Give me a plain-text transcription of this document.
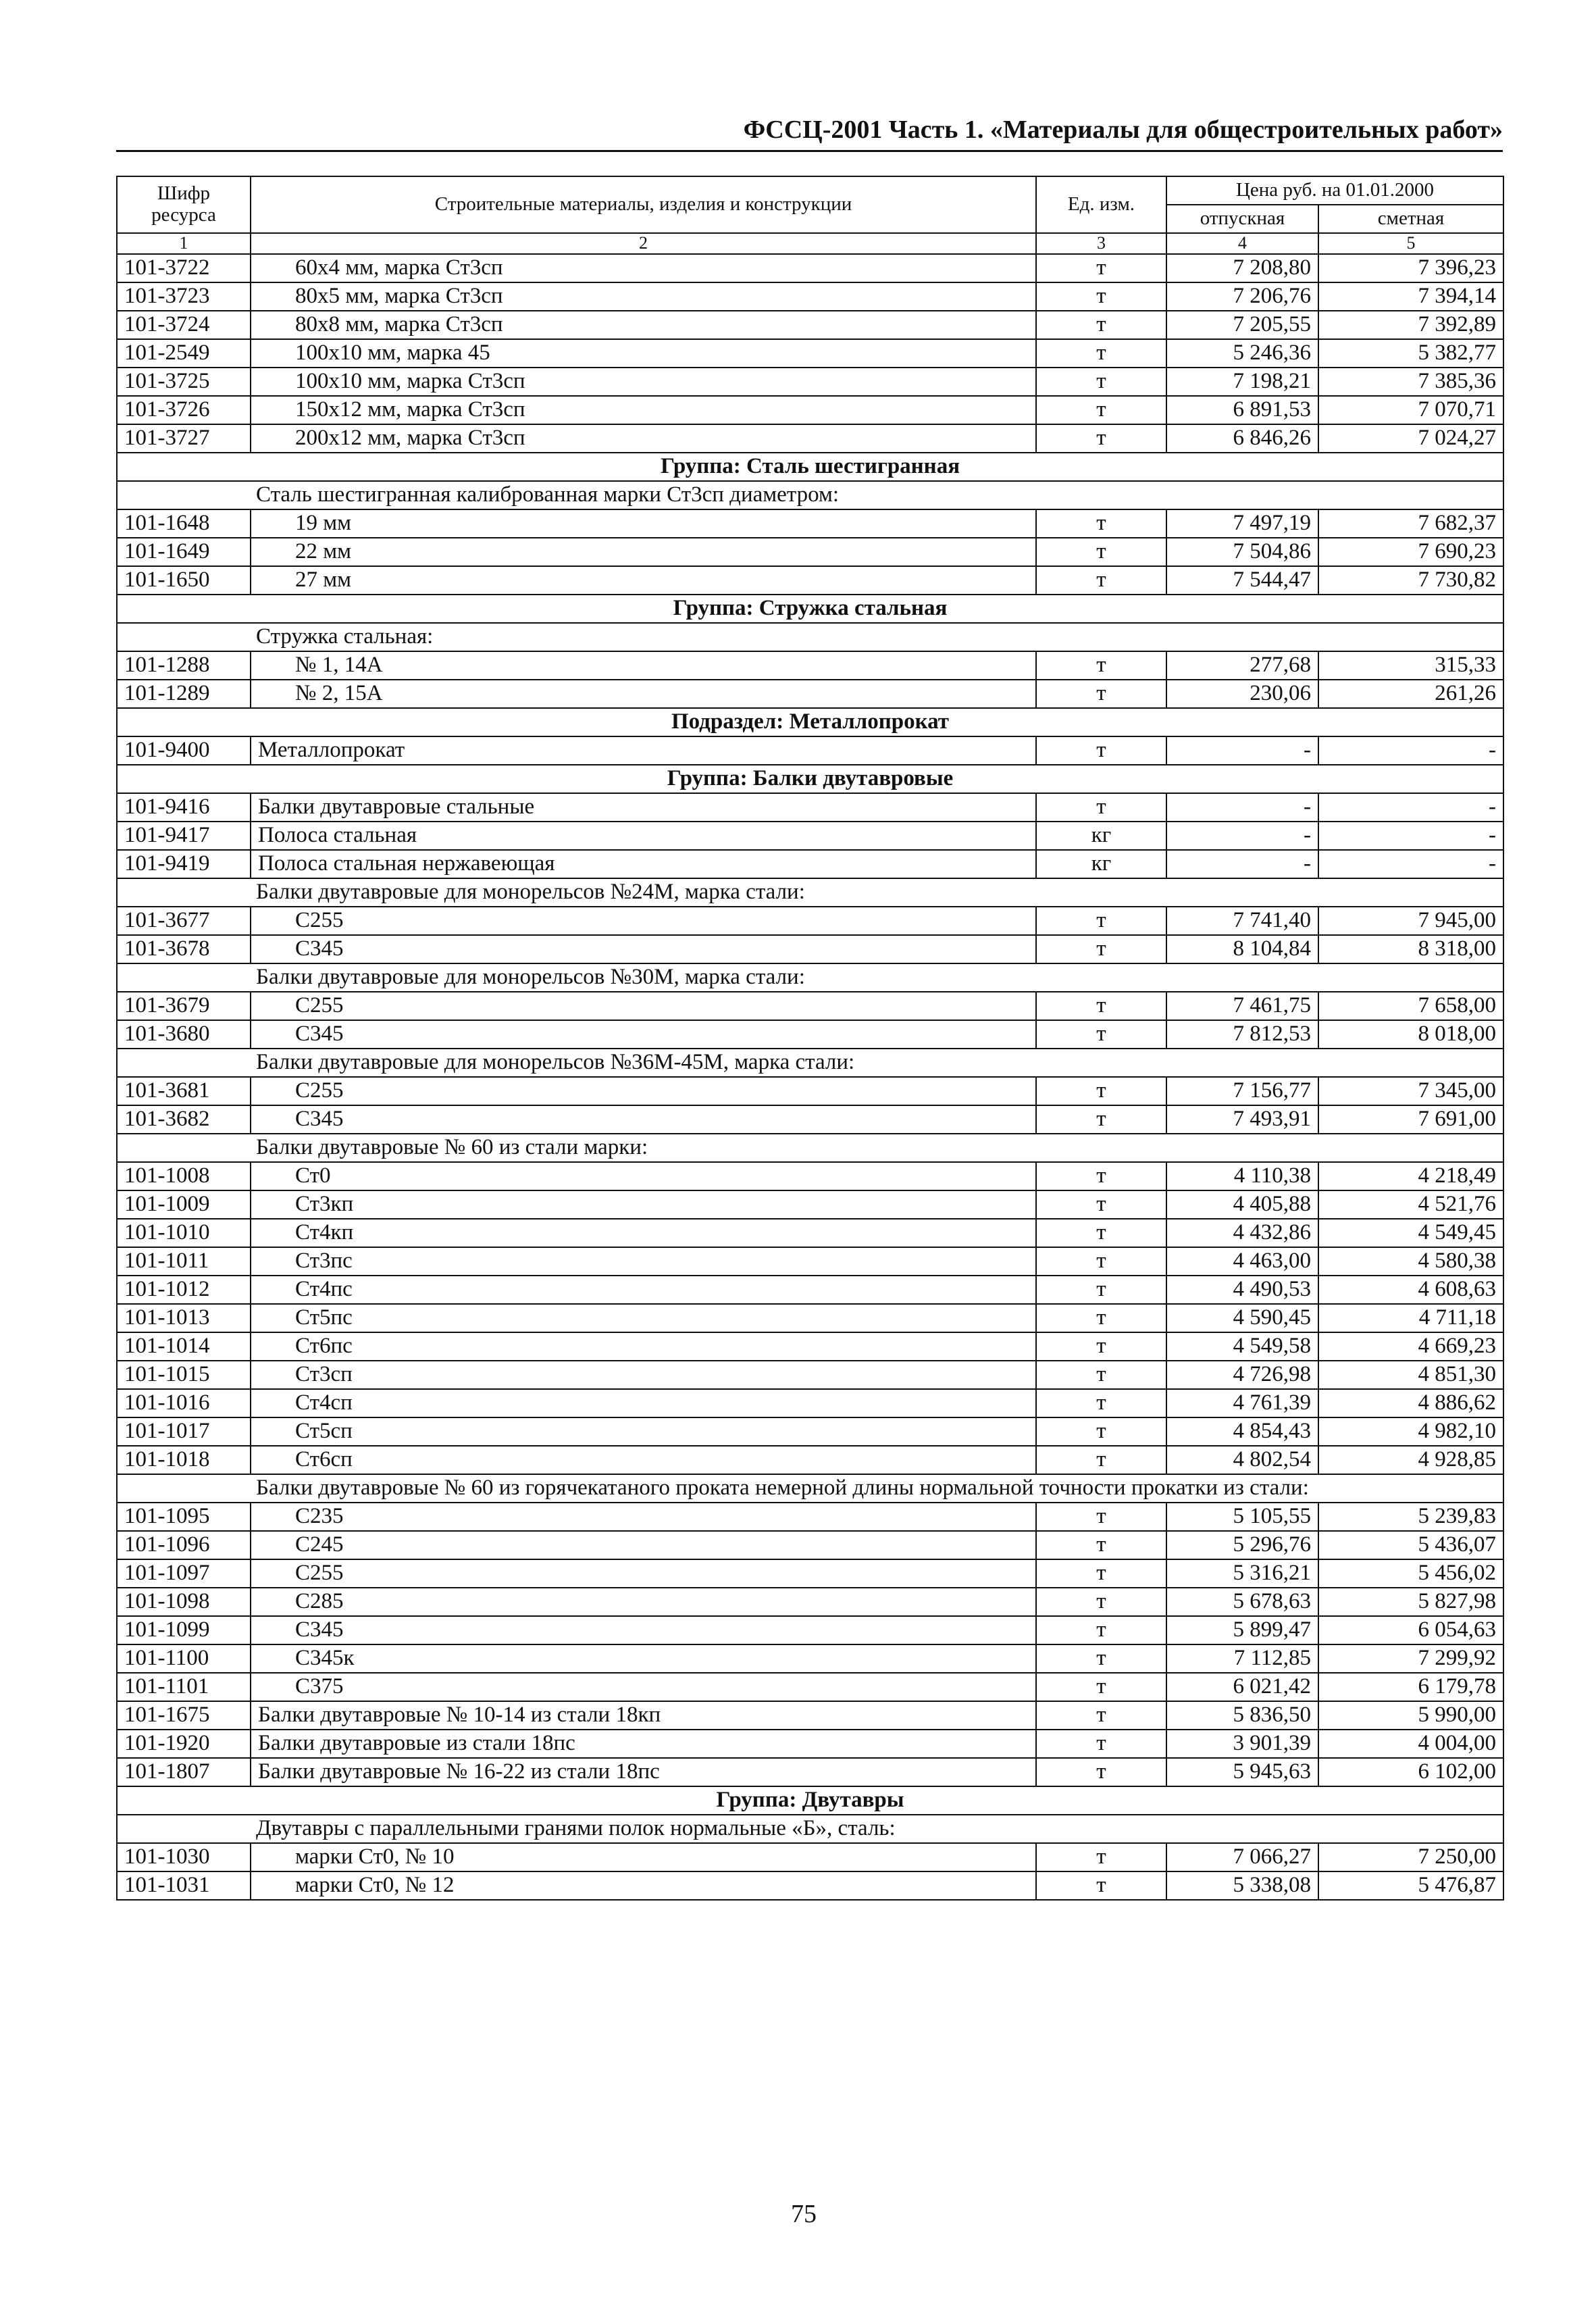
ФССЦ-2001 Часть 1. «Материалы для общестроительных работ»
Шифр ресурса	Строительные материалы, изделия и конструкции	Ед. изм.	Цена руб. на 01.01.2000	
			отпускная	сметная
1	2	3	4	5
101-3722	60х4 мм, марка Ст3сп	т	7 208,80	7 396,23
101-3723	80х5 мм, марка Ст3сп	т	7 206,76	7 394,14
101-3724	80х8 мм, марка Ст3сп	т	7 205,55	7 392,89
101-2549	100х10 мм, марка 45	т	5 246,36	5 382,77
101-3725	100х10 мм, марка Ст3сп	т	7 198,21	7 385,36
101-3726	150х12 мм, марка Ст3сп	т	6 891,53	7 070,71
101-3727	200х12 мм, марка Ст3сп	т	6 846,26	7 024,27
Группа: Сталь шестигранная				
Сталь шестигранная калиброванная марки Ст3сп диаметром:				
101-1648	19 мм	т	7 497,19	7 682,37
101-1649	22 мм	т	7 504,86	7 690,23
101-1650	27 мм	т	7 544,47	7 730,82
Группа: Стружка стальная				
Стружка стальная:				
101-1288	№ 1, 14А	т	277,68	315,33
101-1289	№ 2, 15А	т	230,06	261,26
Подраздел: Металлопрокат				
101-9400	Металлопрокат	т	-	-
Группа: Балки двутавровые				
101-9416	Балки двутавровые стальные	т	-	-
101-9417	Полоса стальная	кг	-	-
101-9419	Полоса стальная нержавеющая	кг	-	-
Балки двутавровые для монорельсов №24М, марка стали:				
101-3677	С255	т	7 741,40	7 945,00
101-3678	С345	т	8 104,84	8 318,00
Балки двутавровые для монорельсов №30М, марка стали:				
101-3679	С255	т	7 461,75	7 658,00
101-3680	С345	т	7 812,53	8 018,00
Балки двутавровые для монорельсов №36М-45М, марка стали:				
101-3681	С255	т	7 156,77	7 345,00
101-3682	С345	т	7 493,91	7 691,00
Балки двутавровые № 60 из стали марки:				
101-1008	Ст0	т	4 110,38	4 218,49
101-1009	Ст3кп	т	4 405,88	4 521,76
101-1010	Ст4кп	т	4 432,86	4 549,45
101-1011	Ст3пс	т	4 463,00	4 580,38
101-1012	Ст4пс	т	4 490,53	4 608,63
101-1013	Ст5пс	т	4 590,45	4 711,18
101-1014	Ст6пс	т	4 549,58	4 669,23
101-1015	Ст3сп	т	4 726,98	4 851,30
101-1016	Ст4сп	т	4 761,39	4 886,62
101-1017	Ст5сп	т	4 854,43	4 982,10
101-1018	Ст6сп	т	4 802,54	4 928,85
Балки двутавровые № 60 из горячекатаного проката немерной длины нормальной точности прокатки из стали:				
101-1095	С235	т	5 105,55	5 239,83
101-1096	С245	т	5 296,76	5 436,07
101-1097	С255	т	5 316,21	5 456,02
101-1098	С285	т	5 678,63	5 827,98
101-1099	С345	т	5 899,47	6 054,63
101-1100	С345к	т	7 112,85	7 299,92
101-1101	С375	т	6 021,42	6 179,78
101-1675	Балки двутавровые № 10-14 из стали 18кп	т	5 836,50	5 990,00
101-1920	Балки двутавровые из стали 18пс	т	3 901,39	4 004,00
101-1807	Балки двутавровые № 16-22 из стали 18пс	т	5 945,63	6 102,00
Группа: Двутавры				
Двутавры с параллельными гранями полок нормальные «Б», сталь:				
101-1030	марки Ст0, № 10	т	7 066,27	7 250,00
101-1031	марки Ст0, № 12	т	5 338,08	5 476,87
75
